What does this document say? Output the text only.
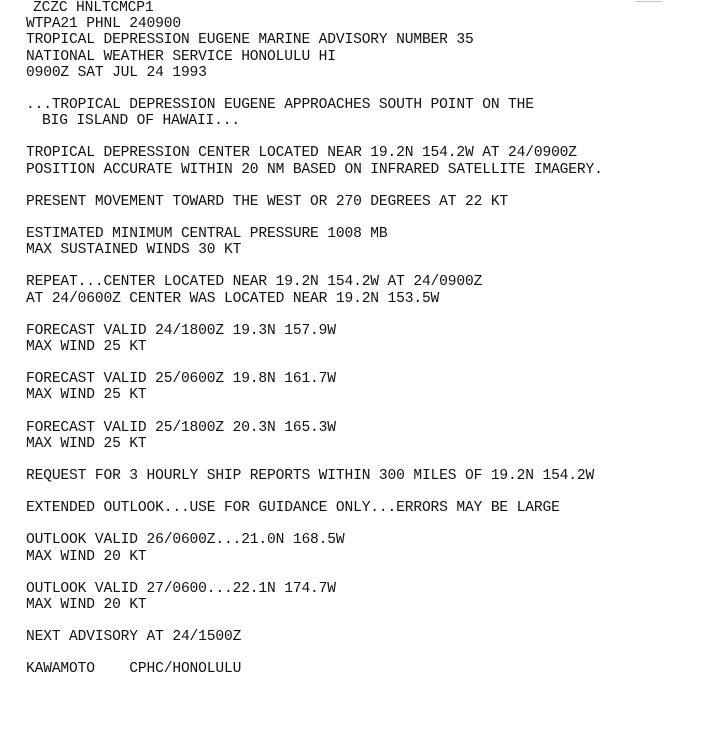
ZCZC HNLTCMCP1
WTPA21 PHNL 240900
TROPICAL DEPRESSION EUGENE MARINE ADVISORY NUMBER 35
NATIONAL WEATHER SERVICE HONOLULU HI
0900Z SAT JUL 24 1993
...TROPICAL DEPRESSION EUGENE APPROACHES SOUTH POINT ON THE
BIG ISLAND OF HAWAII...
TROPICAL DEPRESSION CENTER LOCATED NEAR 19.2N 154.2W AT 24/0900Z
POSITION ACCURATE WITHIN 20 NM BASED ON INFRARED SATELLITE IMAGERY.
PRESENT MOVEMENT TOWARD THE WEST OR 270 DEGREES AT 22 KT
ESTIMATED MINIMUM CENTRAL PRESSURE 1008 MB
MAX SUSTAINED WINDS 30 KT
REPEAT...CENTER LOCATED NEAR 19.2N 154.2W AT 24/0900Z
AT 24/0600Z CENTER WAS LOCATED NEAR 19.2N 153.5W
FORECAST VALID 24/1800Z 19.3N 157.9W
MAX WIND 25 KT
FORECAST VALID 25/0600Z 19.8N 161.7W
MAX WIND 25 KT
FORECAST VALID 25/1800Z 20.3N 165.3W
MAX WIND 25 KT
REQUEST FOR 3 HOURLY SHIP REPORTS WITHIN 300 MILES OF 19.2N 154.2W
EXTENDED OUTLOOK...USE FOR GUIDANCE ONLY...ERRORS MAY BE LARGE
OUTLOOK VALID 26/0600Z...21.0N 168.5W
MAX WIND 20 KT
OUTLOOK VALID 27/0600...22.1N 174.7W
MAX WIND 20 KT
NEXT ADVISORY AT 24/1500Z
KAWAMOTO    CPHC/HONOLULU
